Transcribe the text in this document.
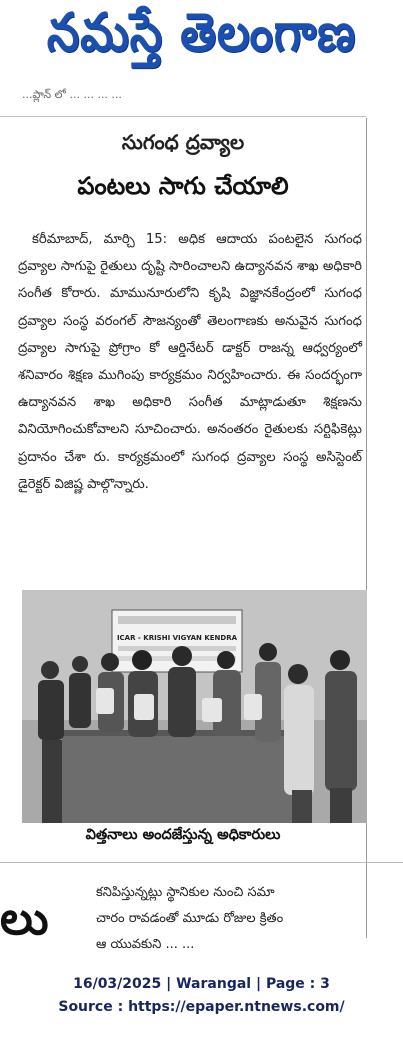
నమస్తే తెలంగాణ
...ప్లాన్ లో ... ... ... ...
సుగంధ ద్రవ్యాల
పంటలు సాగు చేయాలి

కరీమాబాద్, మార్చి 15: అధిక ఆదాయ పంటలైన సుగంధ ద్రవ్యాల సాగుపై రైతులు దృష్టి సారించాలని ఉద్యానవన శాఖ అధికారి సంగీత కోరారు. మామునూరులోని కృషి విజ్ఞానకేంద్రంలో సుగంధ ద్రవ్యాల సంస్థ వరంగల్ సౌజన్యంతో తెలంగాణకు అనువైన సుగంధ ద్రవ్యాల సాగుపై ప్రోగ్రాం కో ఆర్డినేటర్ డాక్టర్ రాజన్న ఆధ్వర్యంలో శనివారం శిక్షణ ముగింపు కార్యక్రమం నిర్వహించారు. ఈ సందర్భంగా ఉద్యానవన శాఖ అధికారి సంగీత మాట్లాడుతూ శిక్షణను వినియోగించుకోవాలని సూచించారు. అనంతరం రైతులకు సర్టిఫికెట్లు ప్రదానం చేశా రు. కార్యక్రమంలో సుగంధ ద్రవ్యాల సంస్థ అసిస్టెంట్ డైరెక్టర్ విజిష్ణ పాల్గొన్నారు.

ICAR - KRISHI VIGYAN KENDRA
విత్తనాలు అందజేస్తున్న అధికారులు
లు	కనిపిస్తున్నట్లు స్థానికుల నుంచి సమా
చారం రావడంతో మూడు రోజుల క్రితం
ఆ యువకుని ... ...
16/03/2025 | Warangal | Page : 3
Source : https://epaper.ntnews.com/
